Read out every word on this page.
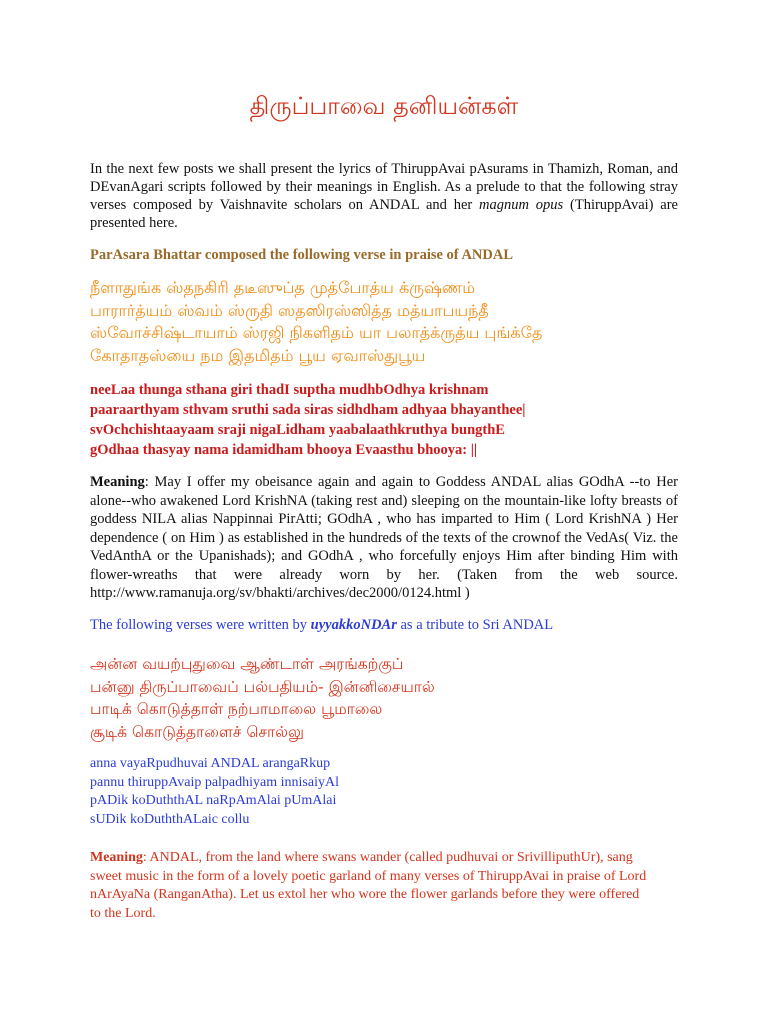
திருப்பாவை தனியன்கள்
In the next few posts we shall present the lyrics of ThiruppAvai pAsurams in Thamizh, Roman, and DEvanAgari scripts followed by their meanings in English. As a prelude to that the following stray verses composed by Vaishnavite scholars on ANDAL and her magnum opus (ThiruppAvai) are presented here.
ParAsara Bhattar composed the following verse in praise of ANDAL
நீளாதுங்க ஸ்தநகிரி தடீஸுப்த முத்போத்ய க்ருஷ்ணம்
பாரார்த்யம் ஸ்வம் ஸ்ருதி ஸதஸிரஸ்ஸித்த மத்யாபயந்தீ
ஸ்வோச்சிஷ்டாயாம் ஸ்ரஜி நிகளிதம் யா பலாத்க்ருத்ய புங்க்தே
கோதாதஸ்யை நம இதமிதம் பூய ஏவாஸ்துபூய
neeLaa thunga sthana giri thadI suptha mudhbOdhya krishnam
paaraarthyam sthvam sruthi sada siras sidhdham adhyaa bhayanthee|
svOchchishtaayaam sraji nigaLidham yaabalaathkruthya bungthE
gOdhaa thasyay nama idamidham bhooya Evaasthu bhooya: ||
Meaning: May I offer my obeisance again and again to Goddess ANDAL alias GOdhA --to Her alone--who awakened Lord KrishNA (taking rest and) sleeping on the mountain-like lofty breasts of goddess NILA alias Nappinnai PirAtti; GOdhA , who has imparted to Him ( Lord KrishNA ) Her dependence ( on Him ) as established in the hundreds of the texts of the crownof the VedAs( Viz. the VedAnthA or the Upanishads); and GOdhA , who forcefully enjoys Him after binding Him with flower-wreaths that were already worn by her. (Taken from the web source. http://www.ramanuja.org/sv/bhakti/archives/dec2000/0124.html )
The following verses were written by uyyakkoNDAr as a tribute to Sri ANDAL
அன்ன வயற்புதுவை ஆண்டாள் அரங்கற்குப்
பன்னு திருப்பாவைப் பல்பதியம்- இன்னிசையால்
பாடிக் கொடுத்தாள் நற்பாமாலை பூமாலை
சூடிக் கொடுத்தாளைச் சொல்லு
anna vayaRpudhuvai ANDAL arangaRkup
pannu thiruppAvaip palpadhiyam innisaiyAl
pADik koDuththAL naRpAmAlai pUmAlai
sUDik koDuththALaic collu
Meaning: ANDAL, from the land where swans wander (called pudhuvai or SrivilliputhUr), sang sweet music in the form of a lovely poetic garland of many verses of ThiruppAvai in praise of Lord nArAyaNa (RanganAtha). Let us extol her who wore the flower garlands before they were offered to the Lord.
